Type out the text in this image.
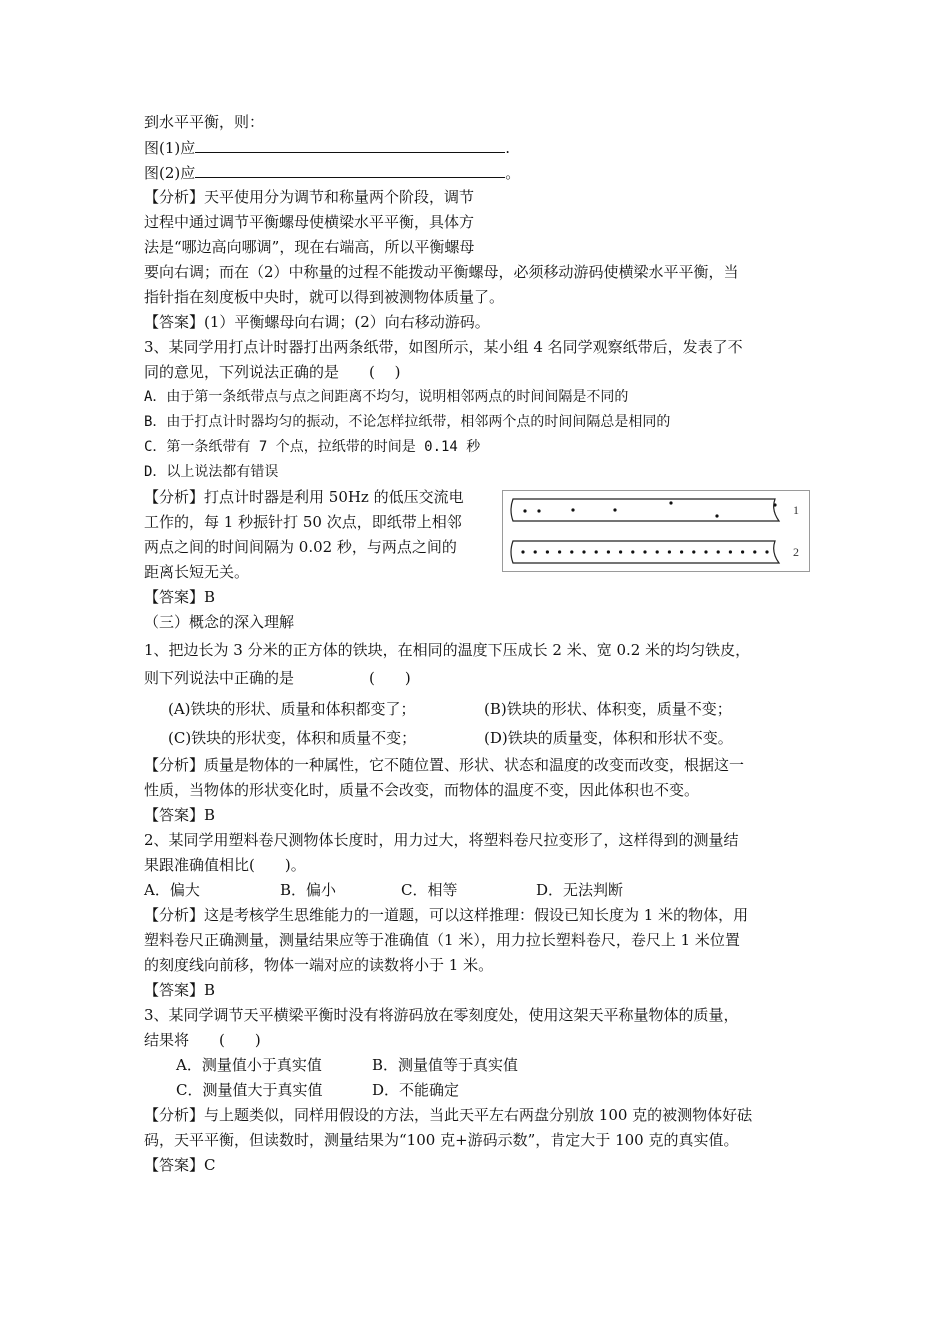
到水平平衡，则：
图(1)应	.
图(2)应	。
【分析】天平使用分为调节和称量两个阶段，调节
过程中通过调节平衡螺母使横梁水平平衡，具体方
法是“哪边高向哪调”，现在右端高，所以平衡螺母
要向右调；而在（2）中称量的过程不能拨动平衡螺母，必须移动游码使横梁水平平衡，当
指针指在刻度板中央时，就可以得到被测物体质量了。
【答案】(1）平衡螺母向右调；(2）向右移动游码。
3、某同学用打点计时器打出两条纸带，如图所示，某小组 4 名同学观察纸带后，发表了不
同的意见，下列说法正确的是　　(　 )
A．由于第一条纸带点与点之间距离不均匀，说明相邻两点的时间间隔是不同的
B．由于打点计时器均匀的振动，不论怎样拉纸带，相邻两个点的时间间隔总是相同的
C．第一条纸带有 7 个点，拉纸带的时间是 0.14 秒
D．以上说法都有错误
【分析】打点计时器是利用 50Hz 的低压交流电
工作的，每 1 秒振针打 50 次点，即纸带上相邻
两点之间的时间间隔为 0.02 秒，与两点之间的
距离长短无关。
【答案】B
（三）概念的深入理解
1、把边长为 3 分米的正方体的铁块，在相同的温度下压成长 2 米、宽 0.2 米的均匀铁皮，
则下列说法中正确的是　　　　　(　　)
(A)铁块的形状、质量和体积都变了；	(B)铁块的形状、体积变，质量不变；
(C)铁块的形状变，体积和质量不变；	(D)铁块的质量变，体积和形状不变。
【分析】质量是物体的一种属性，它不随位置、形状、状态和温度的改变而改变，根据这一
性质，当物体的形状变化时，质量不会改变，而物体的温度不变，因此体积也不变。
【答案】B
2、某同学用塑料卷尺测物体长度时，用力过大，将塑料卷尺拉变形了，这样得到的测量结
果跟准确值相比(　　)。
A．偏大	B．偏小	C．相等	D．无法判断
【分析】这是考核学生思维能力的一道题，可以这样推理：假设已知长度为 1 米的物体，用
塑料卷尺正确测量，测量结果应等于准确值（1 米），用力拉长塑料卷尺，卷尺上 1 米位置
的刻度线向前移，物体一端对应的读数将小于 1 米。
【答案】B
3、某同学调节天平横梁平衡时没有将游码放在零刻度处，使用这架天平称量物体的质量，
结果将　　(　　)
A．测量值小于真实值	B．测量值等于真实值
C．测量值大于真实值	D．不能确定
【分析】与上题类似，同样用假设的方法，当此天平左右两盘分别放 100 克的被测物体好砝
码，天平平衡，但读数时，测量结果为“100 克+游码示数”，肯定大于 100 克的真实值。
【答案】C
1
2
